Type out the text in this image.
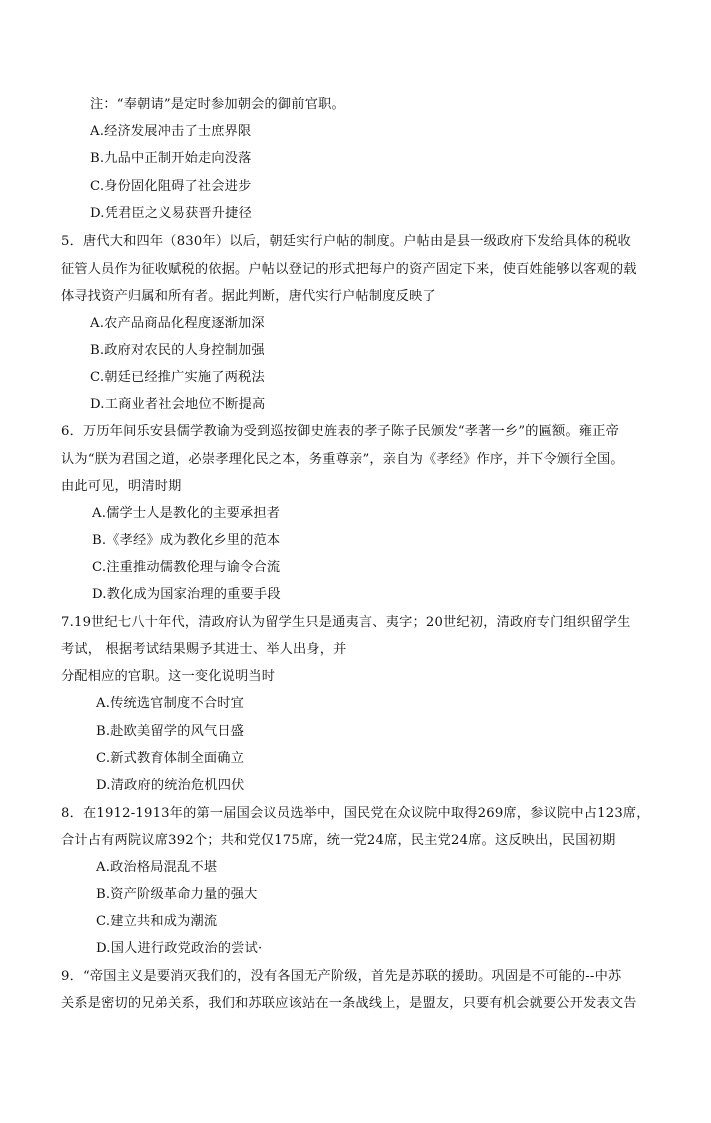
注：“奉朝请”是定时参加朝会的御前官职。
A.经济发展冲击了士庶界限
B.九品中正制开始走向没落
C.身份固化阻碍了社会进步
D.凭君臣之义易获晋升捷径
5．唐代大和四年（830年）以后，朝廷实行户帖的制度。户帖由是县一级政府下发给具体的税收
征管人员作为征收赋税的依据。户帖以登记的形式把每户的资产固定下来，使百姓能够以客观的载
体寻找资产归属和所有者。据此判断，唐代实行户帖制度反映了
A.农产品商品化程度逐渐加深
B.政府对农民的人身控制加强
C.朝廷已经推广实施了两税法
D.工商业者社会地位不断提高
6．万历年间乐安县儒学教谕为受到巡按御史旌表的孝子陈子民颁发“孝著一乡”的匾额。雍正帝
认为“朕为君国之道，必崇孝理化民之本，务重尊亲”，亲自为《孝经》作序，并下令颁行全国。
由此可见，明清时期
A.儒学士人是教化的主要承担者
B.《孝经》成为教化乡里的范本
C.注重推动儒教伦理与谕令合流
D.教化成为国家治理的重要手段
7.19世纪七八十年代，清政府认为留学生只是通夷言、夷字；20世纪初，清政府专门组织留学生
考试， 根据考试结果赐予其进士、举人出身，并
分配相应的官职。这一变化说明当时
A.传统选官制度不合时宜
B.赴欧美留学的风气日盛
C.新式教育体制全面确立
D.清政府的统治危机四伏
8．在1912-1913年的第一届国会议员选举中，国民党在众议院中取得269席，参议院中占123席，
合计占有两院议席392个；共和党仅175席，统一党24席，民主党24席。这反映出，民国初期
A.政治格局混乱不堪
B.资产阶级革命力量的强大
C.建立共和成为潮流
D.国人进行政党政治的尝试·
9．“帝国主义是要消灭我们的，没有各国无产阶级，首先是苏联的援助。巩固是不可能的--中苏
关系是密切的兄弟关系，我们和苏联应该站在一条战线上，是盟友，只要有机会就要公开发表文告
